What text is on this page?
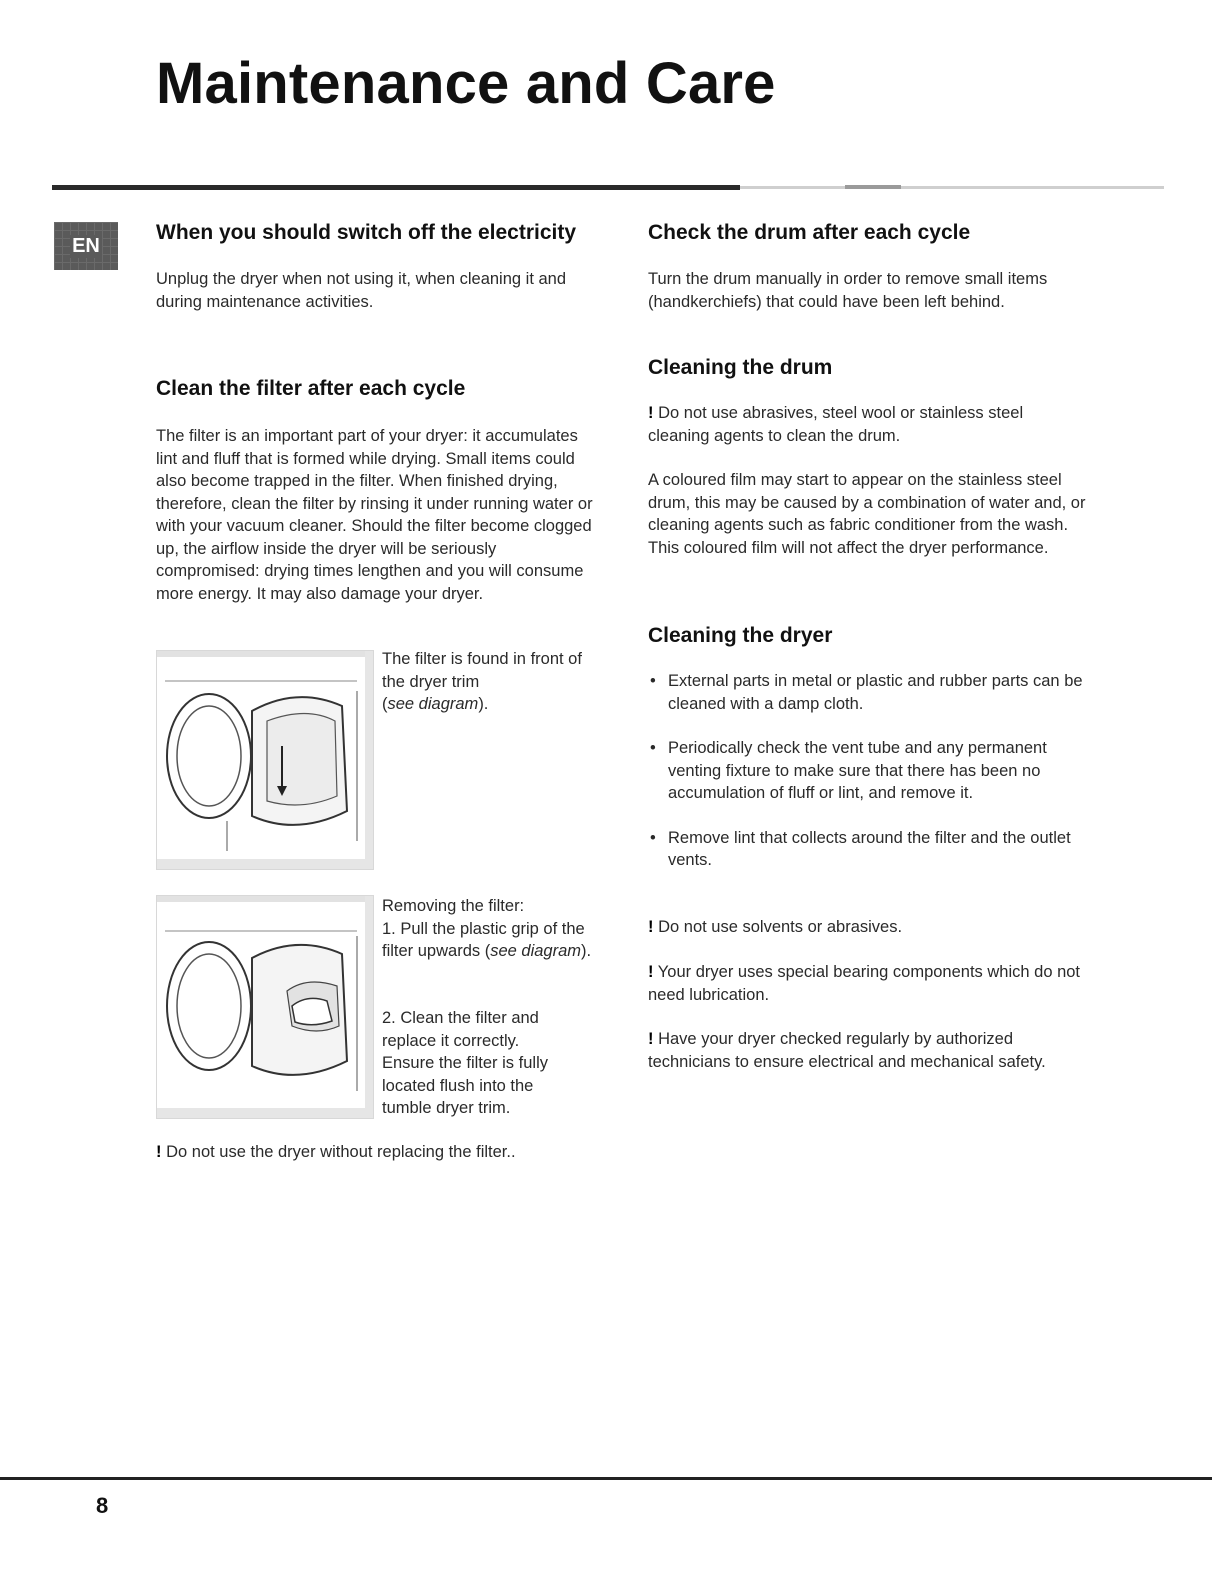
Maintenance and Care
EN
When you should switch off the electricity

Unplug the dryer when not using it, when cleaning it and during maintenance activities.

Clean the filter after each cycle

The filter is an important part of your dryer: it accumulates lint and fluff that is formed while drying. Small items could also become trapped in the filter. When finished drying, therefore, clean the filter by rinsing it under running water or with your vacuum cleaner. Should the filter become clogged up, the airflow inside the dryer will be seriously compromised: drying times lengthen and you will consume more energy. It may also damage your dryer.

The filter is found in front of the dryer trim
(see diagram).

Removing the filter:
1. Pull the plastic grip of the filter upwards (see diagram).

2. Clean the filter and replace it correctly. Ensure the filter is fully located flush into the tumble dryer trim.

! Do not use the dryer without replacing the filter..

Check the drum after each cycle

Turn the drum manually in order to remove small items (handkerchiefs) that could have been left behind.

Cleaning the drum

! Do not use abrasives, steel wool or stainless steel cleaning agents to clean the drum.

A coloured film may start to appear on the stainless steel drum, this may be caused by a combination of water and, or cleaning agents such as fabric conditioner from the wash. This coloured film will not affect the dryer performance.

Cleaning the dryer
• External parts in metal or plastic and rubber parts can be cleaned with a damp cloth.
• Periodically check the vent tube and any permanent venting fixture to make sure that there has been no accumulation of fluff or lint, and remove it.
• Remove lint that collects around the filter and the outlet vents.

! Do not use solvents or abrasives.

! Your dryer uses special bearing components which do not need lubrication.

! Have your dryer checked regularly by authorized technicians to ensure electrical and mechanical safety.

8
